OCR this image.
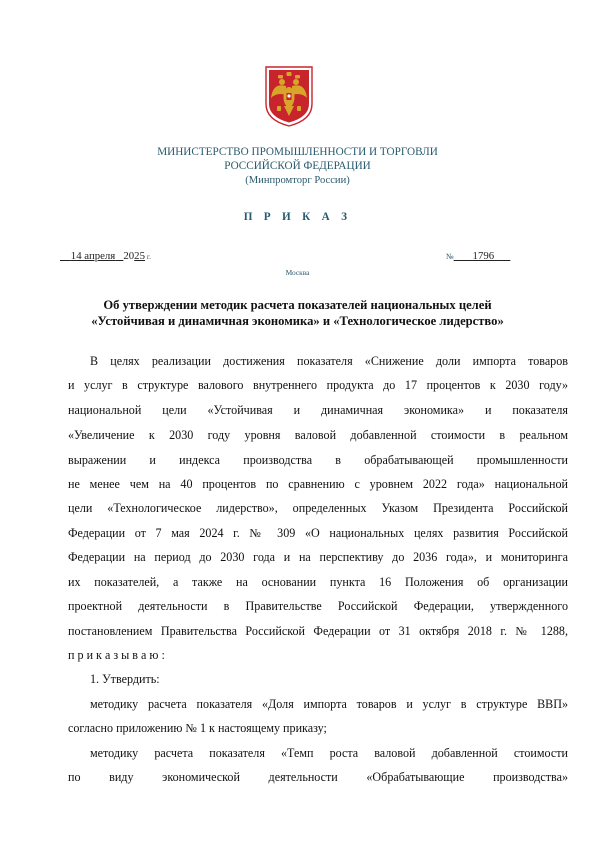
МИНИСТЕРСТВО ПРОМЫШЛЕННОСТИ И ТОРГОВЛИ
РОССИЙСКОЙ ФЕДЕРАЦИИ
(Минпромторг России)
П Р И К А З
14 апреля 2025 г.	№ 1796
Москва
Об утверждении методик расчета показателей национальных целей
«Устойчивая и динамичная экономика» и «Технологическое лидерство»
В целях реализации достижения показателя «Снижение доли импорта товаров
и услуг в структуре валового внутреннего продукта до 17 процентов к 2030 году»
национальной цели «Устойчивая и динамичная экономика» и показателя
«Увеличение к 2030 году уровня валовой добавленной стоимости в реальном
выражении и индекса производства в обрабатывающей промышленности
не менее чем на 40 процентов по сравнению с уровнем 2022 года» национальной
цели «Технологическое лидерство», определенных Указом Президента Российской
Федерации от 7 мая 2024 г. № 309 «О национальных целях развития Российской
Федерации на период до 2030 года и на перспективу до 2036 года», и мониторинга
их показателей, а также на основании пункта 16 Положения об организации
проектной деятельности в Правительстве Российской Федерации, утвержденного
постановлением Правительства Российской Федерации от 31 октября 2018 г. № 1288,
п р и к а з ы в а ю :
1. Утвердить:
методику расчета показателя «Доля импорта товаров и услуг в структуре ВВП»
согласно приложению № 1 к настоящему приказу;
методику расчета показателя «Темп роста валовой добавленной стоимости
по виду экономической деятельности «Обрабатывающие производства»
